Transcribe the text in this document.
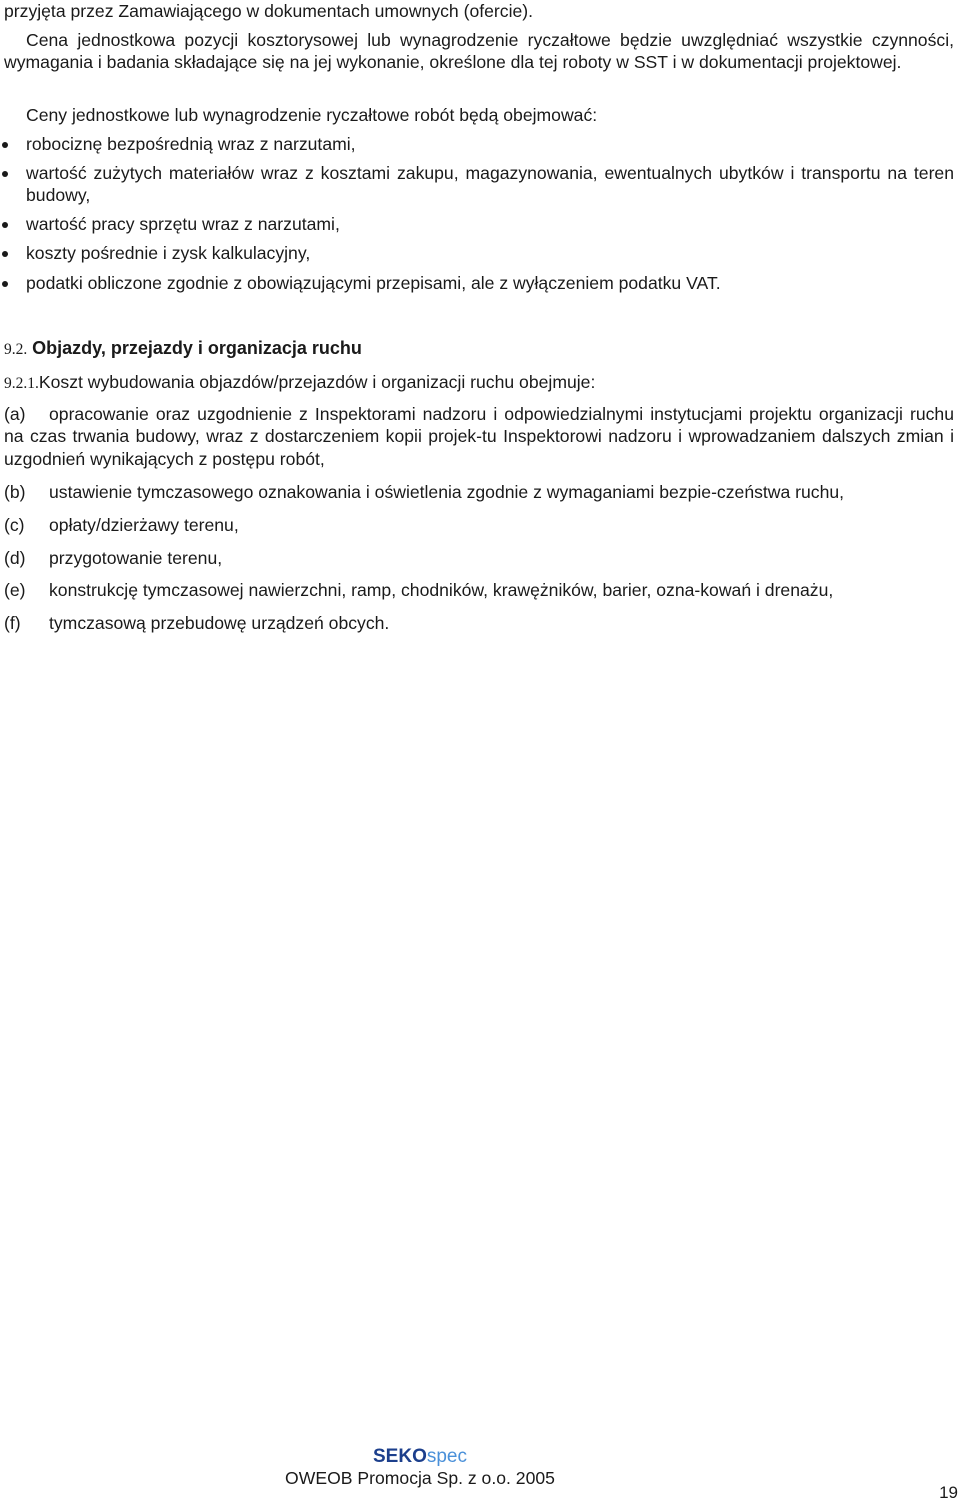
przyjęta przez Zamawiającego w dokumentach umownych (ofercie).

Cena jednostkowa pozycji kosztorysowej lub wynagrodzenie ryczałtowe będzie uwzględniać wszystkie czynności, wymagania i badania składające się na jej wykonanie, określone dla tej roboty w SST i w dokumentacji projektowej.

Ceny jednostkowe lub wynagrodzenie ryczałtowe robót będą obejmować:

robociznę bezpośrednią wraz z narzutami,
wartość zużytych materiałów wraz z kosztami zakupu, magazynowania, ewentualnych ubytków i transportu na teren budowy,
wartość pracy sprzętu wraz z narzutami,
koszty pośrednie i zysk kalkulacyjny,
podatki obliczone zgodnie z obowiązującymi przepisami, ale z wyłączeniem podatku VAT.
9.2. Objazdy, przejazdy i organizacja ruchu
9.2.1.Koszt wybudowania objazdów/przejazdów i organizacji ruchu obejmuje:
(a)	opracowanie oraz uzgodnienie z Inspektorami nadzoru i odpowiedzialnymi instytucjami projektu organizacji ruchu na czas trwania budowy, wraz z dostarczeniem kopii projek-tu Inspektorowi nadzoru i wprowadzaniem dalszych zmian i uzgodnień wynikających z postępu robót,
(b) ustawienie tymczasowego oznakowania i oświetlenia zgodnie z wymaganiami bezpie-czeństwa ruchu,
(c) opłaty/dzierżawy terenu,
(d) przygotowanie terenu,
(e) konstrukcję tymczasowej nawierzchni, ramp, chodników, krawężników, barier, ozna-kowań i drenażu,
(f) tymczasową przebudowę urządzeń obcych.
SEKOspec
OWEOB Promocja Sp. z o.o. 2005
19
